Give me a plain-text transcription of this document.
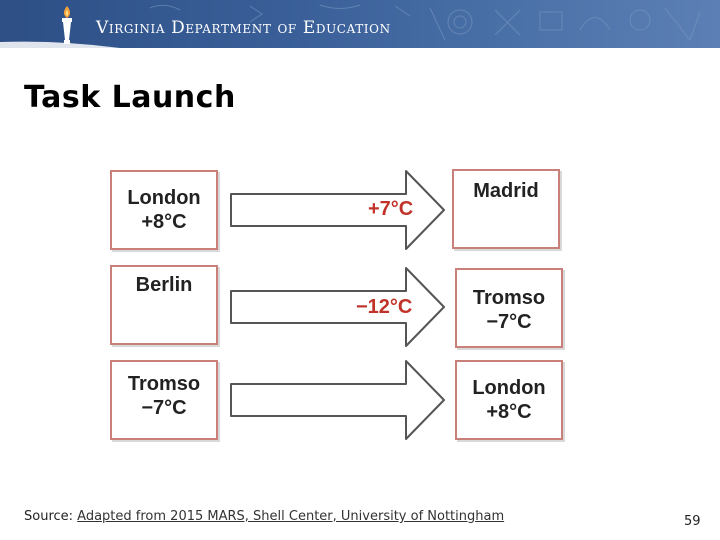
Virginia Department of Education
Task Launch
London
+8°C
+7°C
Madrid
Berlin
−12°C	Tromso
−7°C
Tromso
−7°C
London
+8°C
Source: Adapted from 2015 MARS, Shell Center, University of Nottingham	59
